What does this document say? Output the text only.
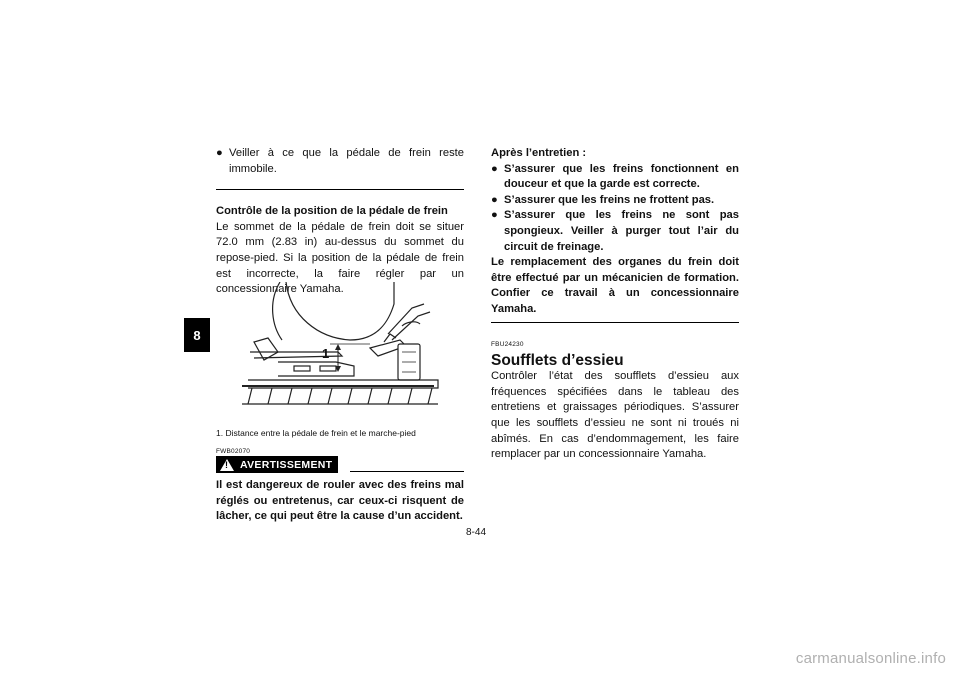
8
● Veiller à ce que la pédale de frein reste immobile.
Contrôle de la position de la pédale de frein
Le sommet de la pédale de frein doit se situer 72.0 mm (2.83 in) au-dessus du sommet du repose-pied. Si la position de la pédale de frein est incorrecte, la faire régler par un concessionnaire Yamaha.
1
1. Distance entre la pédale de frein et le marche-pied
FWB02070
! AVERTISSEMENT
Il est dangereux de rouler avec des freins mal réglés ou entretenus, car ceux-ci risquent de lâcher, ce qui peut être la cause d’un accident.
Après l’entretien :
● S’assurer que les freins fonctionnent en douceur et que la garde est correcte.
● S’assurer que les freins ne frottent pas.
● S’assurer que les freins ne sont pas spongieux. Veiller à purger tout l’air du circuit de freinage.
Le remplacement des organes du frein doit être effectué par un mécanicien de formation. Confier ce travail à un concessionnaire Yamaha.
FBU24230
Soufflets d’essieu
Contrôler l’état des soufflets d’essieu aux fréquences spécifiées dans le tableau des entretiens et graissages périodiques. S’assurer que les soufflets d’essieu ne sont ni troués ni abîmés. En cas d’endommagement, les faire remplacer par un concessionnaire Yamaha.
8-44
carmanualsonline.info
